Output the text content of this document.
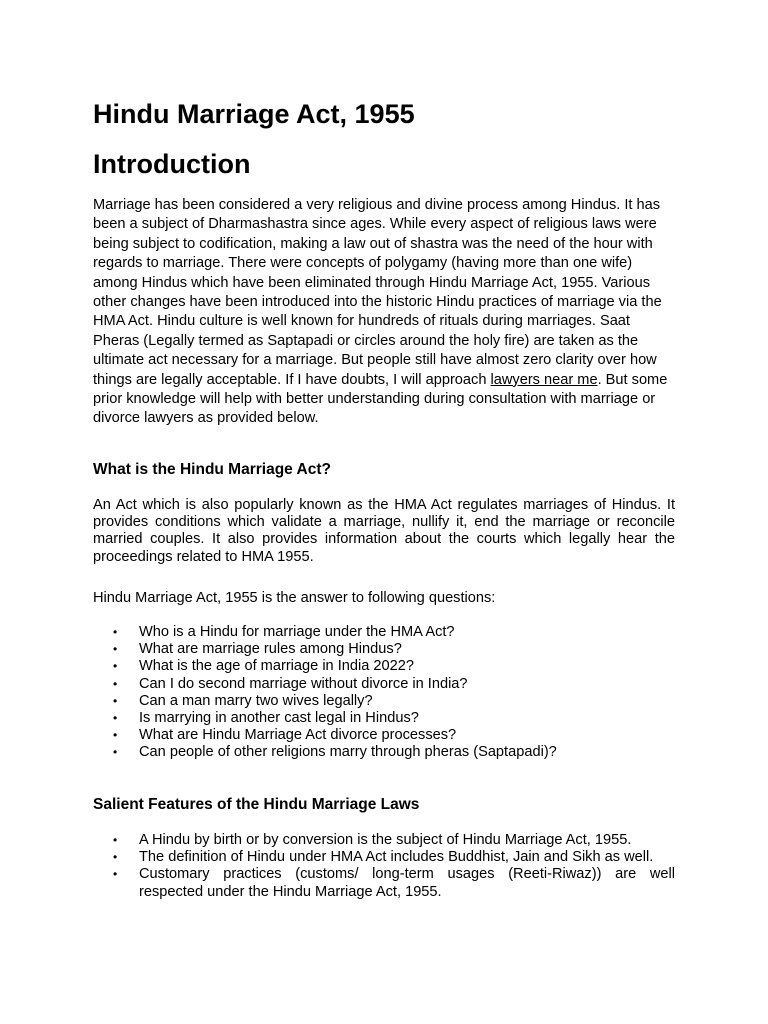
Hindu Marriage Act, 1955
Introduction

Marriage has been considered a very religious and divine process among Hindus. It has been a subject of Dharmashastra since ages. While every aspect of religious laws were being subject to codification, making a law out of shastra was the need of the hour with regards to marriage. There were concepts of polygamy (having more than one wife) among Hindus which have been eliminated through Hindu Marriage Act, 1955. Various other changes have been introduced into the historic Hindu practices of marriage via the HMA Act. Hindu culture is well known for hundreds of rituals during marriages. Saat Pheras (Legally termed as Saptapadi or circles around the holy fire) are taken as the ultimate act necessary for a marriage. But people still have almost zero clarity over how things are legally acceptable. If I have doubts, I will approach lawyers near me. But some prior knowledge will help with better understanding during consultation with marriage or divorce lawyers as provided below.

What is the Hindu Marriage Act?

An Act which is also popularly known as the HMA Act regulates marriages of Hindus. It provides conditions which validate a marriage, nullify it, end the marriage or reconcile married couples. It also provides information about the courts which legally hear the proceedings related to HMA 1955.

Hindu Marriage Act, 1955 is the answer to following questions:

• Who is a Hindu for marriage under the HMA Act?
• What are marriage rules among Hindus?
• What is the age of marriage in India 2022?
• Can I do second marriage without divorce in India?
• Can a man marry two wives legally?
• Is marrying in another cast legal in Hindus?
• What are Hindu Marriage Act divorce processes?
• Can people of other religions marry through pheras (Saptapadi)?
Salient Features of the Hindu Marriage Laws
• A Hindu by birth or by conversion is the subject of Hindu Marriage Act, 1955.
• The definition of Hindu under HMA Act includes Buddhist, Jain and Sikh as well.
• Customary practices (customs/ long-term usages (Reeti-Riwaz)) are well respected under the Hindu Marriage Act, 1955.
